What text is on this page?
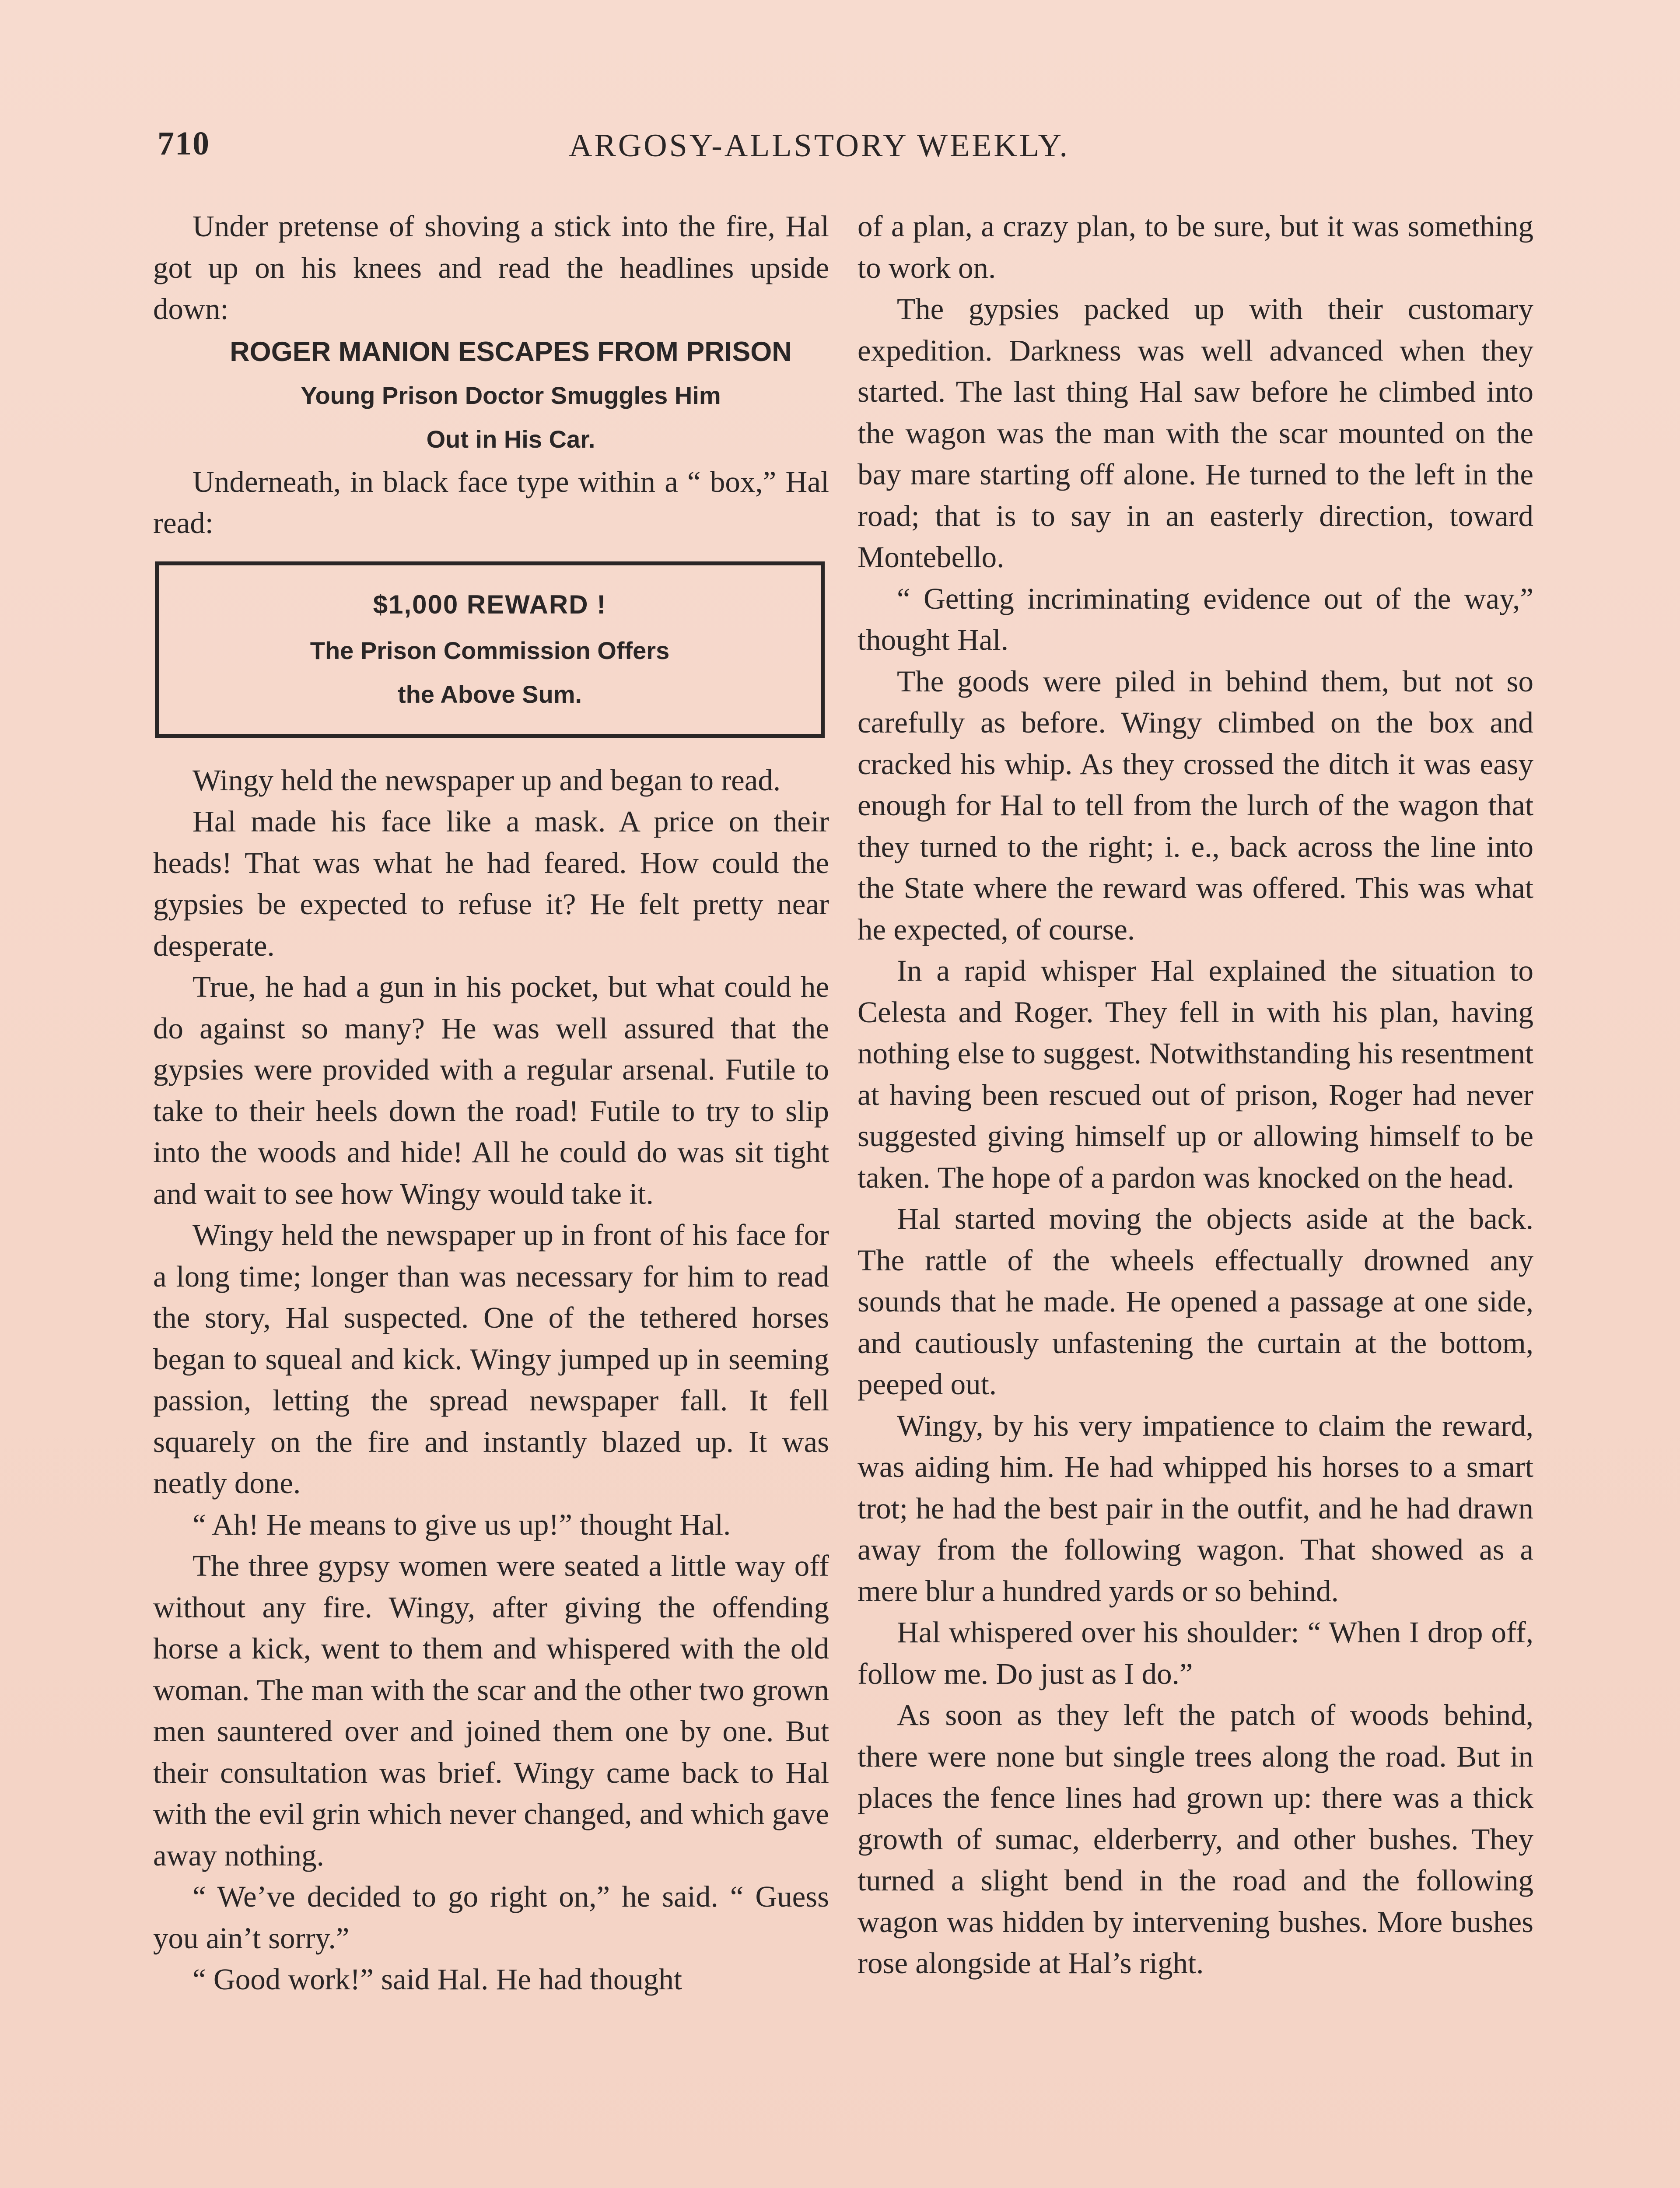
710	ARGOSY-ALLSTORY WEEKLY.

Under pretense of shoving a stick into the fire, Hal got up on his knees and read the headlines upside down:

ROGER MANION ESCAPES FROM PRISON

Young Prison Doctor Smuggles Him

Out in His Car.

Underneath, in black face type within a “ box,” Hal read:

$1,000 REWARD !
The Prison Commission Offers
the Above Sum.

Wingy held the newspaper up and began to read.

Hal made his face like a mask. A price on their heads! That was what he had feared. How could the gypsies be expected to refuse it? He felt pretty near desperate.

True, he had a gun in his pocket, but what could he do against so many? He was well assured that the gypsies were provided with a regular arsenal. Futile to take to their heels down the road! Futile to try to slip into the woods and hide! All he could do was sit tight and wait to see how Wingy would take it.

Wingy held the newspaper up in front of his face for a long time; longer than was necessary for him to read the story, Hal suspected. One of the tethered horses began to squeal and kick. Wingy jumped up in seeming passion, letting the spread newspaper fall. It fell squarely on the fire and instantly blazed up. It was neatly done.

“ Ah! He means to give us up!” thought Hal.

The three gypsy women were seated a little way off without any fire. Wingy, after giving the offending horse a kick, went to them and whispered with the old woman. The man with the scar and the other two grown men sauntered over and joined them one by one. But their consultation was brief. Wingy came back to Hal with the evil grin which never changed, and which gave away nothing.

“ We’ve decided to go right on,” he said. “ Guess you ain’t sorry.”

“ Good work!” said Hal. He had thought

of a plan, a crazy plan, to be sure, but it was something to work on.

The gypsies packed up with their customary expedition. Darkness was well advanced when they started. The last thing Hal saw before he climbed into the wagon was the man with the scar mounted on the bay mare starting off alone. He turned to the left in the road; that is to say in an easterly direction, toward Montebello.

“ Getting incriminating evidence out of the way,” thought Hal.

The goods were piled in behind them, but not so carefully as before. Wingy climbed on the box and cracked his whip. As they crossed the ditch it was easy enough for Hal to tell from the lurch of the wagon that they turned to the right; i. e., back across the line into the State where the reward was offered. This was what he expected, of course.

In a rapid whisper Hal explained the situation to Celesta and Roger. They fell in with his plan, having nothing else to suggest. Notwithstanding his resentment at having been rescued out of prison, Roger had never suggested giving himself up or allowing himself to be taken. The hope of a pardon was knocked on the head.

Hal started moving the objects aside at the back. The rattle of the wheels effectually drowned any sounds that he made. He opened a passage at one side, and cautiously unfastening the curtain at the bottom, peeped out.

Wingy, by his very impatience to claim the reward, was aiding him. He had whipped his horses to a smart trot; he had the best pair in the outfit, and he had drawn away from the following wagon. That showed as a mere blur a hundred yards or so behind.

Hal whispered over his shoulder: “ When I drop off, follow me. Do just as I do.”

As soon as they left the patch of woods behind, there were none but single trees along the road. But in places the fence lines had grown up: there was a thick growth of sumac, elderberry, and other bushes. They turned a slight bend in the road and the following wagon was hidden by intervening bushes. More bushes rose alongside at Hal’s right.
